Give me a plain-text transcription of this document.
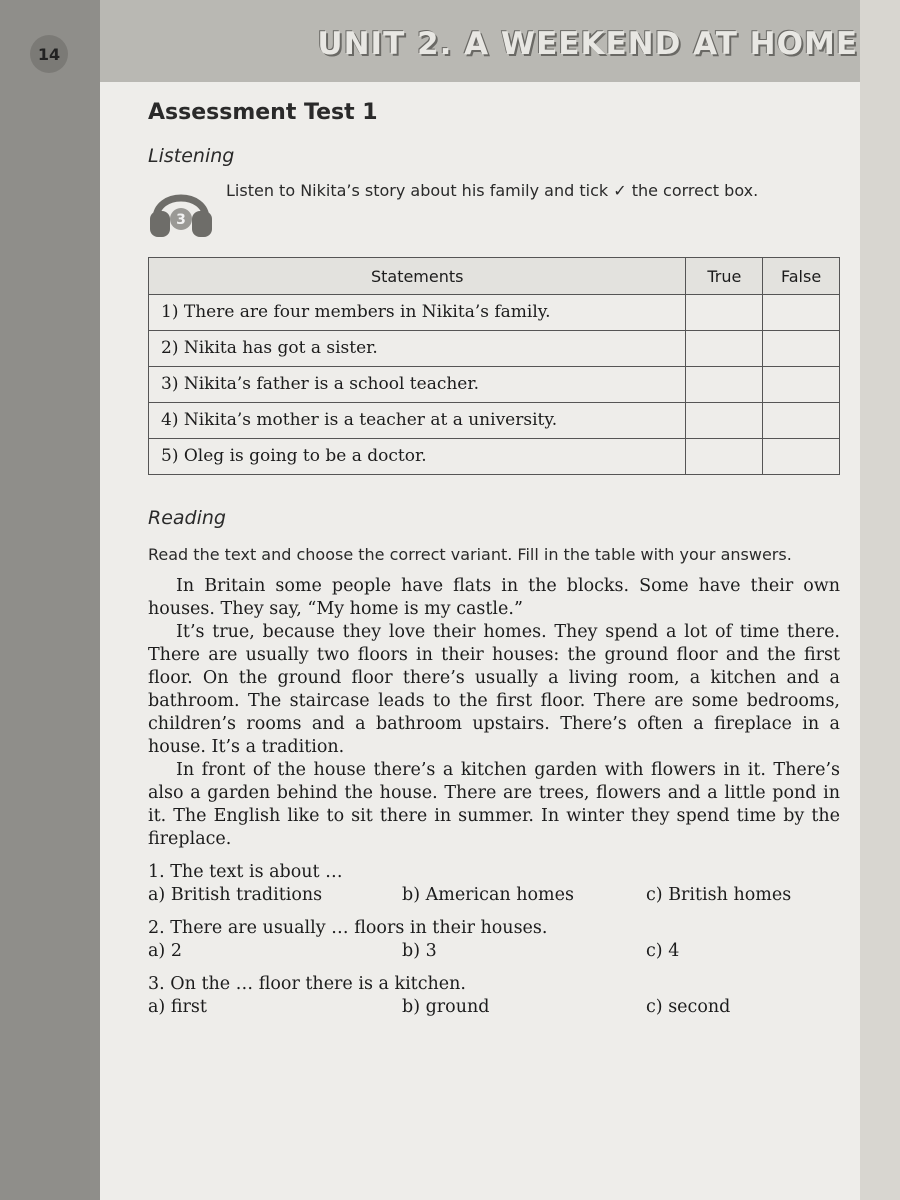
14	UNIT 2. A WEEKEND AT HOME
Assessment Test 1
Listening
3
Listen to Nikita’s story about his family and tick ✓ the correct box.
Statements	True	False
1) There are four members in Nikita’s family.		
2) Nikita has got a sister.		
3) Nikita’s father is a school teacher.		
4) Nikita’s mother is a teacher at a university.		
5) Oleg is going to be a doctor.		
Reading
Read the text and choose the correct variant. Fill in the table with your answers.

In Britain some people have flats in the blocks. Some have their own houses. They say, “My home is my castle.”

It’s true, because they love their homes. They spend a lot of time there. There are usually two floors in their houses: the ground floor and the first floor. On the ground floor there’s usually a living room, a kitchen and a bathroom. The staircase leads to the first floor. There are some bedrooms, children’s rooms and a bathroom upstairs. There’s often a fireplace in a house. It’s a tradition.

In front of the house there’s a kitchen garden with flowers in it. There’s also a garden behind the house. There are trees, flowers and a little pond in it. The English like to sit there in summer. In winter they spend time by the fireplace.

1. The text is about …
a) British traditions	b) American homes	c) British homes
2. There are usually … floors in their houses.
a) 2	b) 3	c) 4
3. On the … floor there is a kitchen.
a) first	b) ground	c) second
